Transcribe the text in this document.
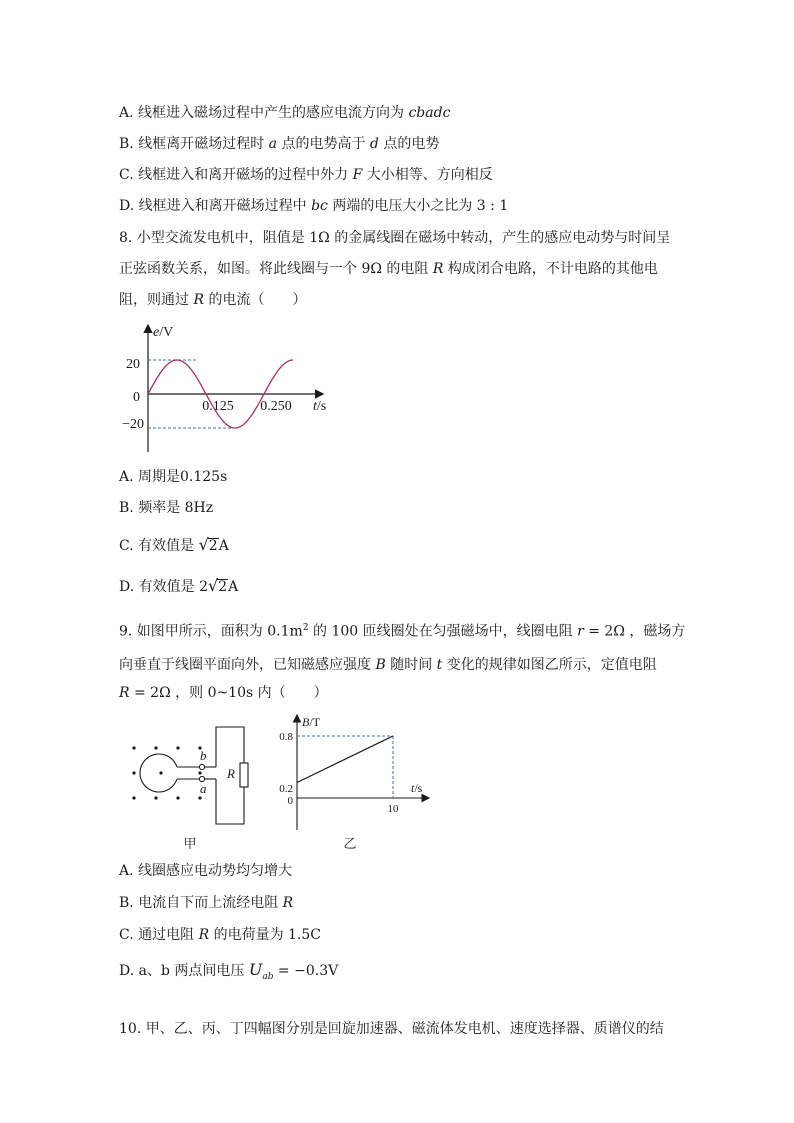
A. 线框进入磁场过程中产生的感应电流方向为 cbadc
B. 线框离开磁场过程时 a 点的电势高于 d 点的电势
C. 线框进入和离开磁场的过程中外力 F 大小相等、方向相反
D. 线框进入和离开磁场过程中 bc 两端的电压大小之比为 3 : 1
8. 小型交流发电机中，阻值是 1Ω 的金属线圈在磁场中转动，产生的感应电动势与时间呈
正弦函数关系，如图。将此线圈与一个 9Ω 的电阻 R 构成闭合电路，不计电路的其他电
阻，则通过 R 的电流（　　）
e/V
20
0
−20
0.125 0.250 t/s
A. 周期是0.125s
B. 频率是 8Hz
C. 有效值是 √2A
D. 有效值是 2√2A
9. 如图甲所示，面积为 $0.1m^2$ 的 100 匝线圈处在匀强磁场中，线圈电阻 r = 2Ω ，磁场方
向垂直于线圈平面向外，已知磁感应强度 B 随时间 t 变化的规律如图乙所示，定值电阻
R = 2Ω ，则 0~10s 内（　　）
b
a
R
甲
B/T
0.8
0.2
0
10
t/s
乙
A. 线圈感应电动势均匀增大
B. 电流自下而上流经电阻 R
C. 通过电阻 R 的电荷量为 1.5C
D. a、b 两点间电压 $U_{ab} = -0.3V$
10. 甲、乙、丙、丁四幅图分别是回旋加速器、磁流体发电机、速度选择器、质谱仪的结
